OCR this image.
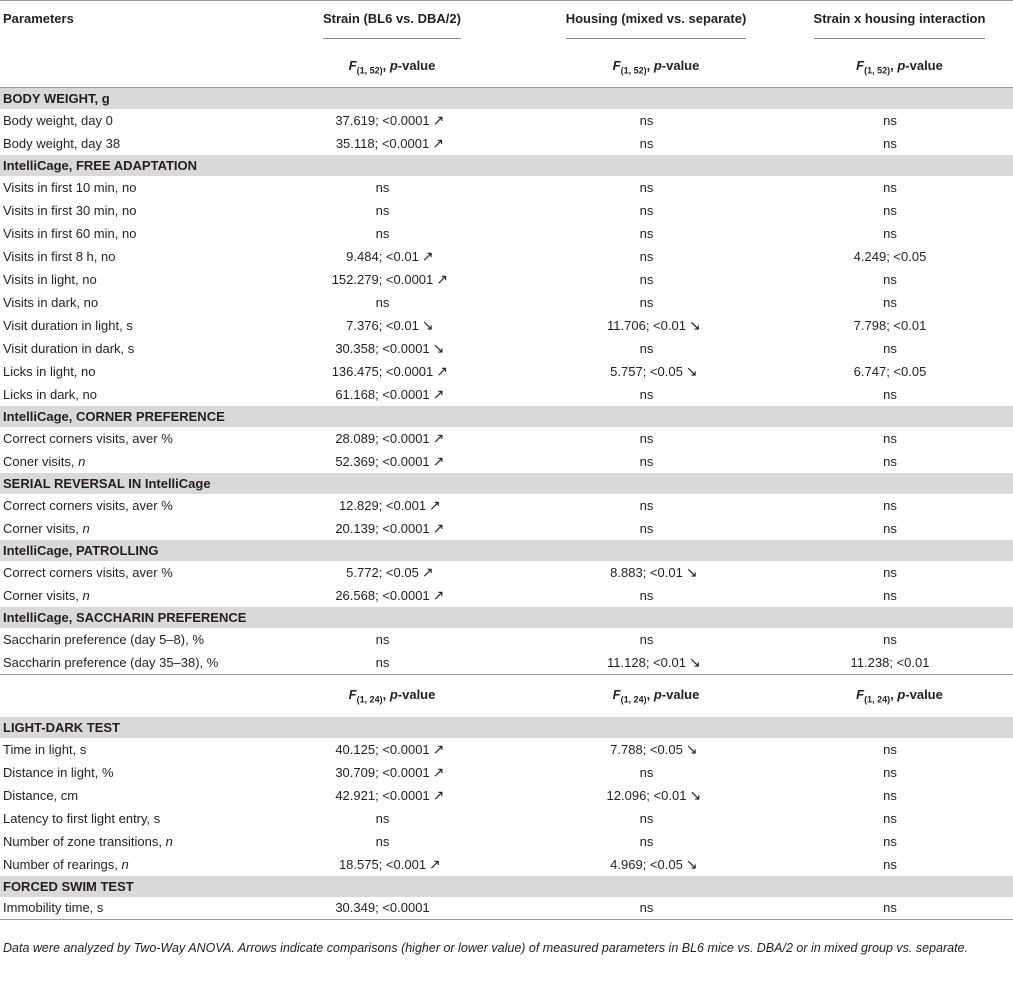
Parameters	Strain (BL6 vs. DBA/2)	Housing (mixed vs. separate)	Strain x housing interaction
	$F_{(1, 52)}$, p-value	$F_{(1, 52)}$, p-value	$F_{(1, 52)}$, p-value
BODY WEIGHT, g			
Body weight, day 0	37.619; <0.0001 ↗	ns	ns
Body weight, day 38	35.118; <0.0001 ↗	ns	ns
IntelliCage, FREE ADAPTATION			
Visits in first 10 min, no	ns	ns	ns
Visits in first 30 min, no	ns	ns	ns
Visits in first 60 min, no	ns	ns	ns
Visits in first 8 h, no	9.484; <0.01 ↗	ns	4.249; <0.05
Visits in light, no	152.279; <0.0001 ↗	ns	ns
Visits in dark, no	ns	ns	ns
Visit duration in light, s	7.376; <0.01 ↘	11.706; <0.01 ↘	7.798; <0.01
Visit duration in dark, s	30.358; <0.0001 ↘	ns	ns
Licks in light, no	136.475; <0.0001 ↗	5.757; <0.05 ↘	6.747; <0.05
Licks in dark, no	61.168; <0.0001 ↗	ns	ns
IntelliCage, CORNER PREFERENCE			
Correct corners visits, aver %	28.089; <0.0001 ↗	ns	ns
Coner visits, n	52.369; <0.0001 ↗	ns	ns
SERIAL REVERSAL IN IntelliCage			
Correct corners visits, aver %	12.829; <0.001 ↗	ns	ns
Corner visits, n	20.139; <0.0001 ↗	ns	ns
IntelliCage, PATROLLING			
Correct corners visits, aver %	5.772; <0.05 ↗	8.883; <0.01 ↘	ns
Corner visits, n	26.568; <0.0001 ↗	ns	ns
IntelliCage, SACCHARIN PREFERENCE			
Saccharin preference (day 5–8), %	ns	ns	ns
Saccharin preference (day 35–38), %	ns	11.128; <0.01 ↘	11.238; <0.01
	$F_{(1, 24)}$, p-value	$F_{(1, 24)}$, p-value	$F_{(1, 24)}$, p-value
LIGHT-DARK TEST			
Time in light, s	40.125; <0.0001 ↗	7.788; <0.05 ↘	ns
Distance in light, %	30.709; <0.0001 ↗	ns	ns
Distance, cm	42.921; <0.0001 ↗	12.096; <0.01 ↘	ns
Latency to first light entry, s	ns	ns	ns
Number of zone transitions, n	ns	ns	ns
Number of rearings, n	18.575; <0.001 ↗	4.969; <0.05 ↘	ns
FORCED SWIM TEST			
Immobility time, s	30.349; <0.0001	ns	ns
Data were analyzed by Two-Way ANOVA. Arrows indicate comparisons (higher or lower value) of measured parameters in BL6 mice vs. DBA/2 or in mixed group vs. separate.
